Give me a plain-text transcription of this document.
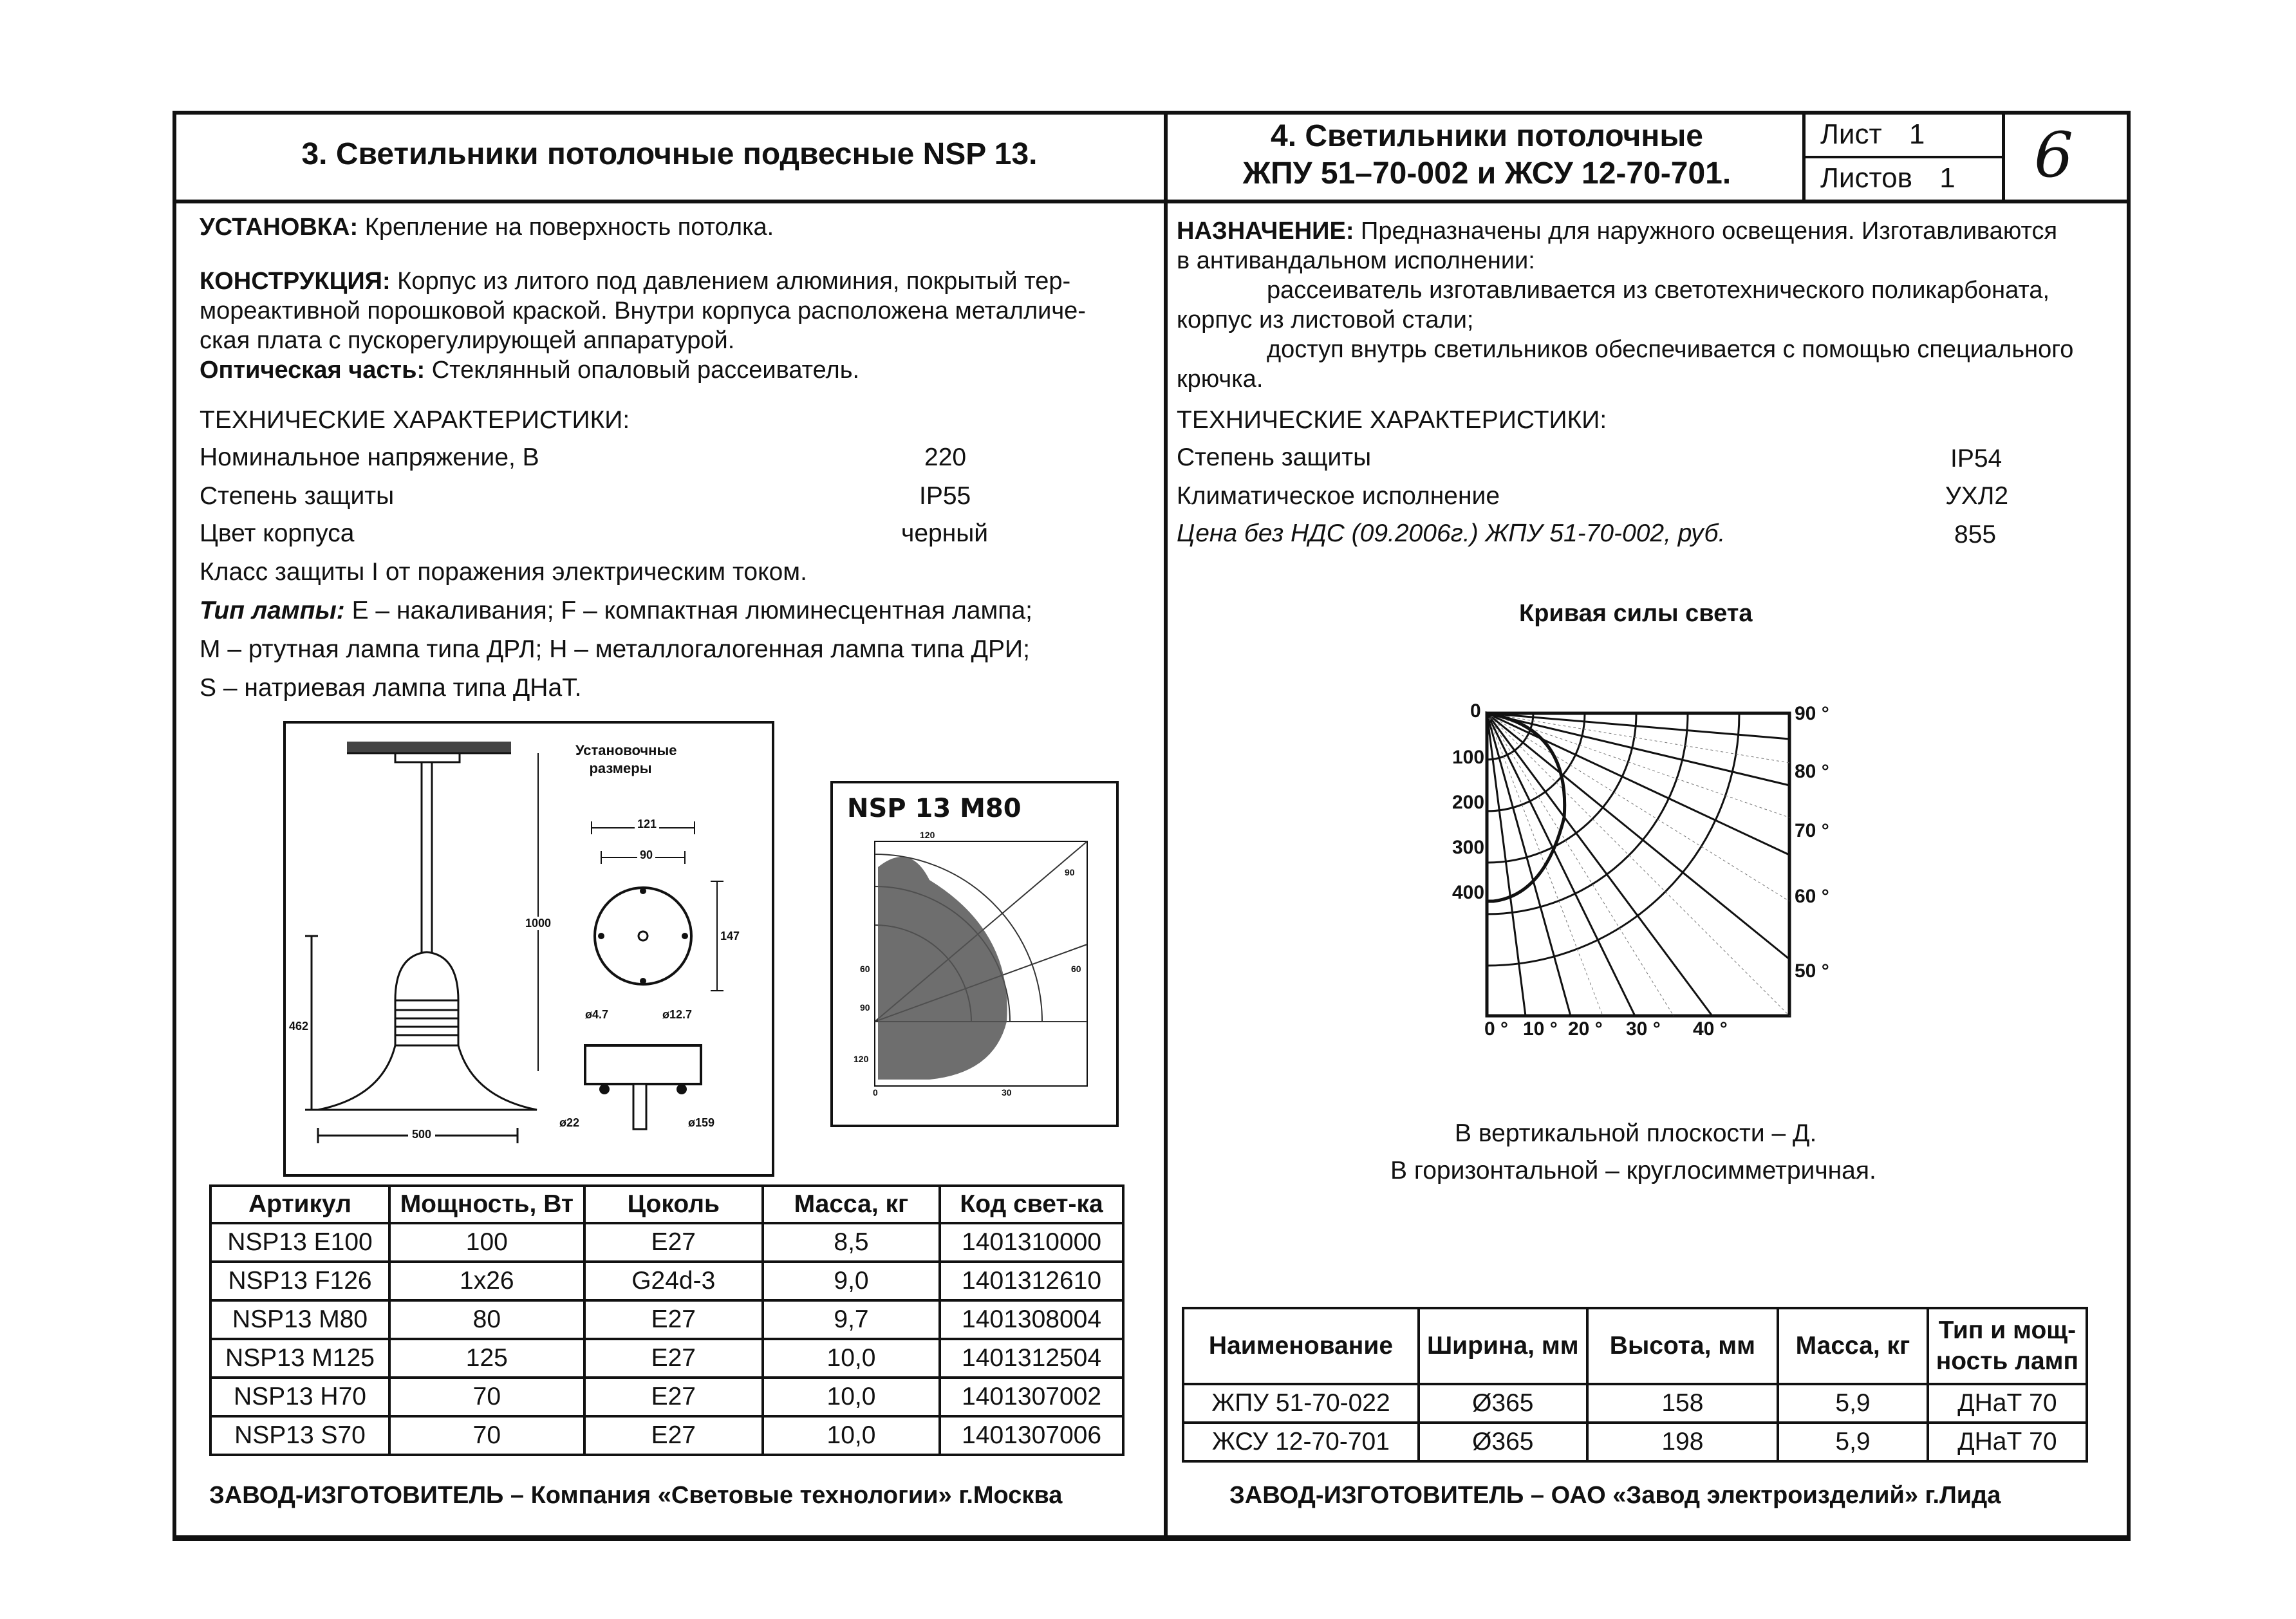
3. Светильники потолочные подвесные NSP 13.
4. Светильники потолочные
ЖПУ 51–70-002 и ЖСУ 12-70-701.
Лист 1
Листов 1 6
УСТАНОВКА: Крепление на поверхность потолка.
КОНСТРУКЦИЯ: Корпус из литого под давлением алюминия, покрытый тер-
мореактивной порошковой краской. Внутри корпуса расположена металличе-
ская плата с пускорегулирующей аппаратурой.
Оптическая часть: Стеклянный опаловый рассеиватель.
ТЕХНИЧЕСКИЕ ХАРАКТЕРИСТИКИ:
Номинальное напряжение, В	220
Степень защиты	IP55
Цвет корпуса	черный
Класс защиты I от поражения электрическим током.
Тип лампы: Е – накаливания; F – компактная люминесцентная лампа;
М – ртутная лампа типа ДРЛ; Н – металлогалогенная лампа типа ДРИ;
S – натриевая лампа типа ДНаТ.
Установочные размеры
121
90
1000
147
462
500
ø4.7	ø12.7
ø22	ø159
NSP 13 M80
120
90
60	60
90
120
0	30
Артикул	Мощность, Вт	Цоколь	Масса, кг	Код свет-ка
NSP13 E100	100	E27	8,5	1401310000
NSP13 F126	1х26	G24d-3	9,0	1401312610
NSP13 M80	80	E27	9,7	1401308004
NSP13 M125	125	E27	10,0	1401312504
NSP13 H70	70	E27	10,0	1401307002
NSP13 S70	70	E27	10,0	1401307006
ЗАВОД-ИЗГОТОВИТЕЛЬ – Компания «Световые технологии» г.Москва
НАЗНАЧЕНИЕ: Предназначены для наружного освещения. Изготавливаются
в антивандальном исполнении:
рассеиватель изготавливается из светотехнического поликарбоната,
корпус из листовой стали;
доступ внутрь светильников обеспечивается с помощью специального
крючка.
ТЕХНИЧЕСКИЕ ХАРАКТЕРИСТИКИ:
Степень защиты	IP54
Климатическое исполнение	УХЛ2
Цена без НДС (09.2006г.) ЖПУ 51-70-002, руб.	855
Кривая силы света
0
100
200
300
400
90 °
80 °
70 °
60 °
50 °
0 ° 10 ° 20 ° 30 ° 40 °
В вертикальной плоскости – Д.
В горизонтальной – круглосимметричная.
Наименование	Ширина, мм	Высота, мм	Масса, кг	Тип и мощ-
ность ламп

ЖПУ 51-70-022	Ø365	158	5,9	ДНаТ 70
ЖСУ 12-70-701	Ø365	198	5,9	ДНаТ 70
ЗАВОД-ИЗГОТОВИТЕЛЬ – ОАО «Завод электроизделий» г.Лида
